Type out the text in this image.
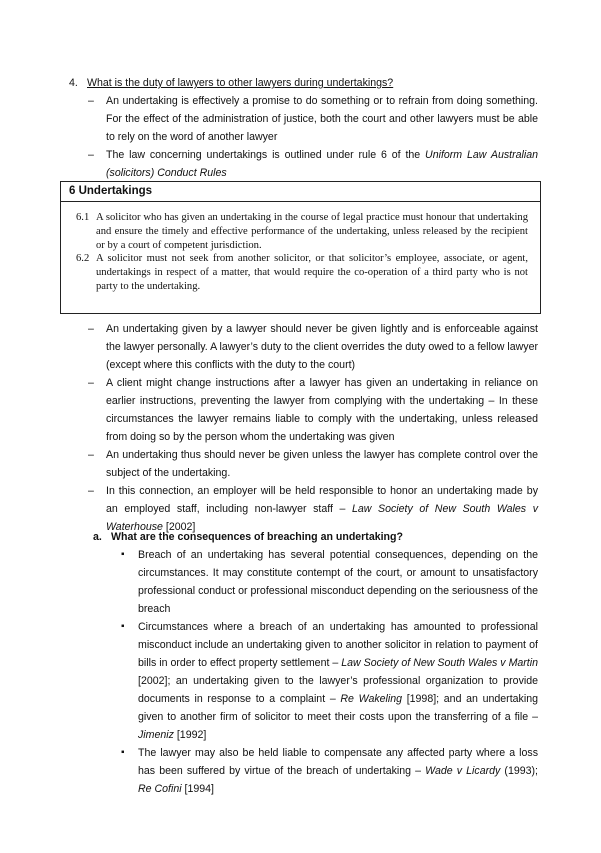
4. What is the duty of lawyers to other lawyers during undertakings?
– An undertaking is effectively a promise to do something or to refrain from doing something. For the effect of the administration of justice, both the court and other lawyers must be able to rely on the word of another lawyer
– The law concerning undertakings is outlined under rule 6 of the Uniform Law Australian (solicitors) Conduct Rules
6 Undertakings
6.1 A solicitor who has given an undertaking in the course of legal practice must honour that undertaking and ensure the timely and effective performance of the undertaking, unless released by the recipient or by a court of competent jurisdiction.
6.2 A solicitor must not seek from another solicitor, or that solicitor’s employee, associate, or agent, undertakings in respect of a matter, that would require the co-operation of a third party who is not party to the undertaking.
– An undertaking given by a lawyer should never be given lightly and is enforceable against the lawyer personally. A lawyer’s duty to the client overrides the duty owed to a fellow lawyer (except where this conflicts with the duty to the court)
– A client might change instructions after a lawyer has given an undertaking in reliance on earlier instructions, preventing the lawyer from complying with the undertaking – In these circumstances the lawyer remains liable to comply with the undertaking, unless released from doing so by the person whom the undertaking was given
– An undertaking thus should never be given unless the lawyer has complete control over the subject of the undertaking.
– In this connection, an employer will be held responsible to honor an undertaking made by an employed staff, including non-lawyer staff – Law Society of New South Wales v Waterhouse [2002]
a. What are the consequences of breaching an undertaking?
▪ Breach of an undertaking has several potential consequences, depending on the circumstances. It may constitute contempt of the court, or amount to unsatisfactory professional conduct or professional misconduct depending on the seriousness of the breach
▪ Circumstances where a breach of an undertaking has amounted to professional misconduct include an undertaking given to another solicitor in relation to payment of bills in order to effect property settlement – Law Society of New South Wales v Martin [2002]; an undertaking given to the lawyer’s professional organization to provide documents in response to a complaint – Re Wakeling [1998]; and an undertaking given to another firm of solicitor to meet their costs upon the transferring of a file – Jimeniz [1992]
▪ The lawyer may also be held liable to compensate any affected party where a loss has been suffered by virtue of the breach of undertaking – Wade v Licardy (1993); Re Cofini [1994]
